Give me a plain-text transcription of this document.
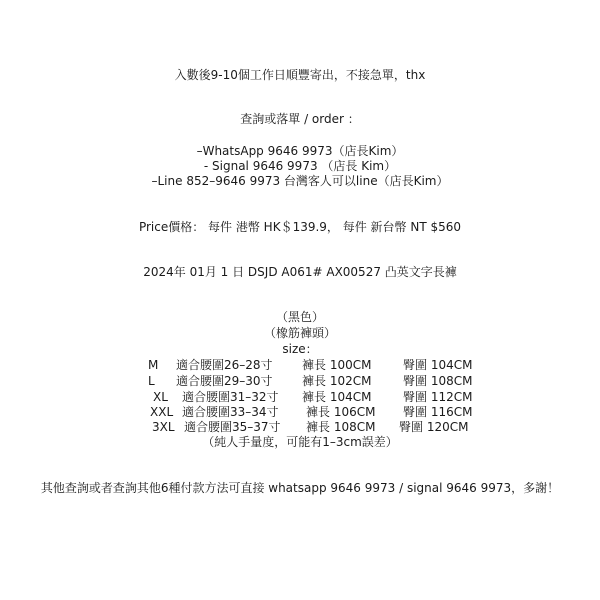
入數後9-10個工作日順豐寄出，不接急單，thx
查詢或落單 / order ：
–WhatsApp 9646 9973（店長Kim）
- Signal 9646 9973 （店長 Kim）
–Line 852–9646 9973 台灣客人可以line（店長Kim）
Price價格： 每件 港幣 HK＄139.9， 每件 新台幣 NT $560
2024年 01月 1 日 DSJD A061# AX00527 凸英文字長褲
（黑色）
（橡筋褲頭）
size：
M 適合腰圍26–28寸 褲長 100CM	臀圍 104CM
L 適合腰圍29–30寸 褲長 102CM	臀圍 108CM
XL 適合腰圍31–32寸 褲長 104CM	臀圍 112CM
XXL 適合腰圍33–34寸 褲長 106CM 臀圍 116CM
3XL 適合腰圍35–37寸 褲長 108CM 臀圍 120CM
（純人手量度，可能有1–3cm誤差）
其他查詢或者查詢其他6種付款方法可直接 whatsapp 9646 9973 / signal 9646 9973，多謝！
